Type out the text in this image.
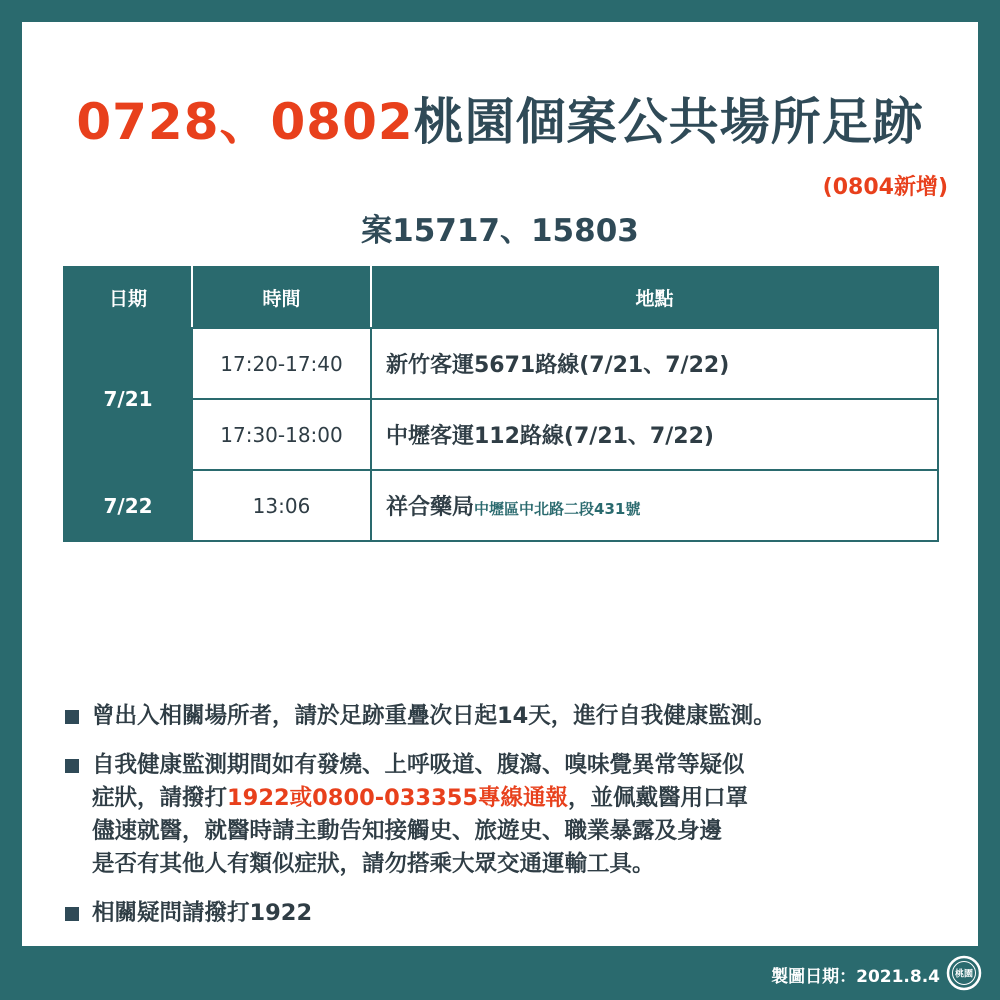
0728、0802桃園個案公共場所足跡
(0804新增)
案15717、15803
日期	時間	地點
7/21	17:20-17:40	新竹客運5671路線(7/21、7/22)
	17:30-18:00	中壢客運112路線(7/21、7/22)
7/22	13:06	祥合藥局中壢區中北路二段431號
曾出入相關場所者，請於足跡重疊次日起14天，進行自我健康監測。
自我健康監測期間如有發燒、上呼吸道、腹瀉、嗅味覺異常等疑似
症狀，請撥打1922或0800-033355專線通報，並佩戴醫用口罩
儘速就醫，就醫時請主動告知接觸史、旅遊史、職業暴露及身邊
是否有其他人有類似症狀，請勿搭乘大眾交通運輸工具。
相關疑問請撥打1922
製圖日期：2021.8.4 桃園
